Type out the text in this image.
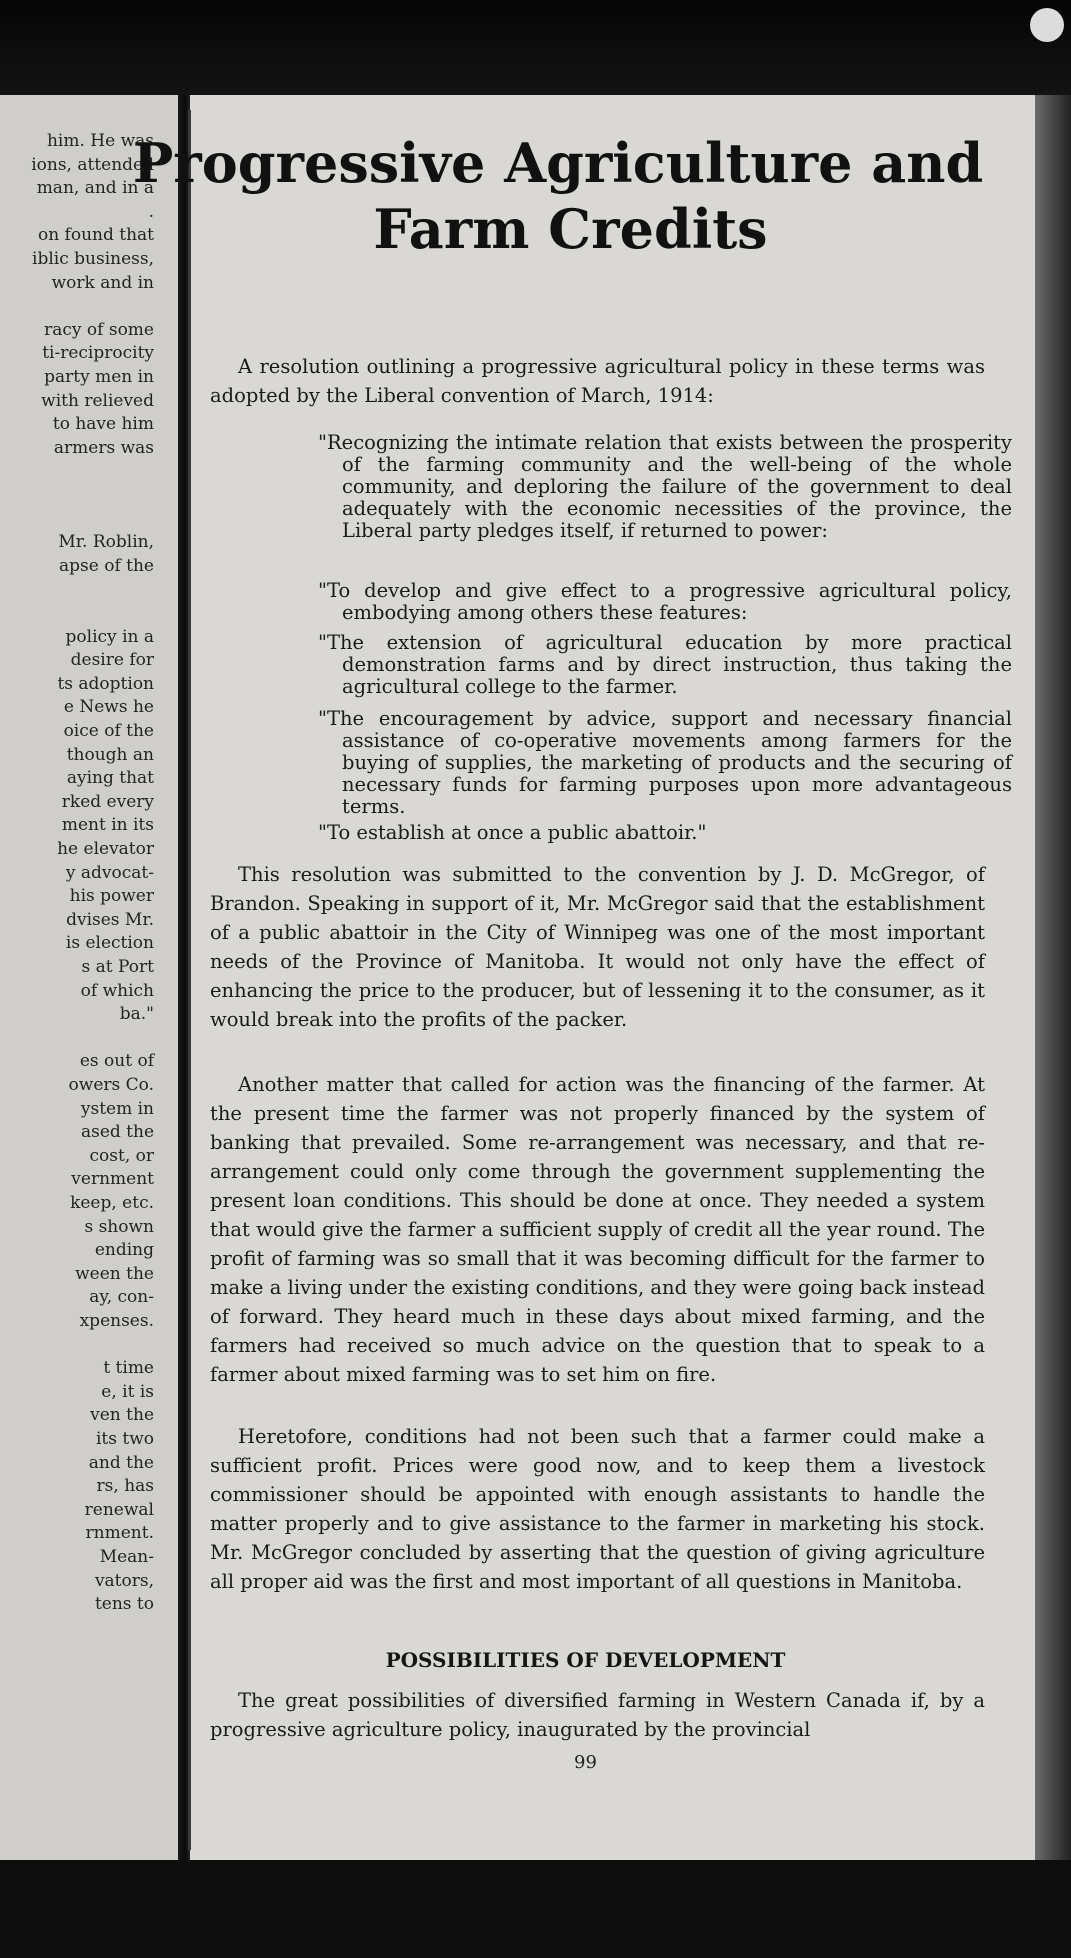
him. He was
ions, attended
man, and in a
.
on found that
iblic business,
work and in
racy of some
ti-reciprocity
party men in
with relieved
to have him
armers was
Mr. Roblin,
apse of the
policy in a
desire for
ts adoption
e News he
oice of the
though an
aying that
rked every
ment in its
he elevator
y advocat-
his power
dvises Mr.
is election
s at Port
of which
ba."
es out of
owers Co.
ystem in
ased the
cost, or
vernment
keep, etc.
s shown
ending
ween the
ay, con-
xpenses.
t time
e, it is
ven the
its two
and the
rs, has
renewal
rnment.
Mean-
vators,
tens to
Progressive Agriculture and
Farm Credits

A resolution outlining a progressive agricultural policy in these terms was adopted by the Liberal convention of March, 1914:

"Recognizing the intimate relation that exists between the prosperity of the farming community and the well-being of the whole community, and deploring the failure of the government to deal adequately with the economic necessities of the province, the Liberal party pledges itself, if returned to power:

"To develop and give effect to a progressive agricultural policy, embodying among others these features:

"The extension of agricultural education by more practical demonstration farms and by direct instruction, thus taking the agricultural college to the farmer.

"The encouragement by advice, support and necessary financial assistance of co-operative movements among farmers for the buying of supplies, the marketing of products and the securing of necessary funds for farming purposes upon more advantageous terms.

"To establish at once a public abattoir."

This resolution was submitted to the convention by J. D. McGregor, of Brandon. Speaking in support of it, Mr. McGregor said that the establishment of a public abattoir in the City of Winnipeg was one of the most important needs of the Province of Manitoba. It would not only have the effect of enhancing the price to the producer, but of lessening it to the consumer, as it would break into the profits of the packer.

Another matter that called for action was the financing of the farmer. At the present time the farmer was not properly financed by the system of banking that prevailed. Some re-arrangement was necessary, and that re-arrangement could only come through the government supplementing the present loan conditions. This should be done at once. They needed a system that would give the farmer a sufficient supply of credit all the year round. The profit of farming was so small that it was becoming difficult for the farmer to make a living under the existing conditions, and they were going back instead of forward. They heard much in these days about mixed farming, and the farmers had received so much advice on the question that to speak to a farmer about mixed farming was to set him on fire.

Heretofore, conditions had not been such that a farmer could make a sufficient profit. Prices were good now, and to keep them a livestock commissioner should be appointed with enough assistants to handle the matter properly and to give assistance to the farmer in marketing his stock. Mr. McGregor concluded by asserting that the question of giving agriculture all proper aid was the first and most important of all questions in Manitoba.

POSSIBILITIES OF DEVELOPMENT

The great possibilities of diversified farming in Western Canada if, by a progressive agriculture policy, inaugurated by the provincial

99
